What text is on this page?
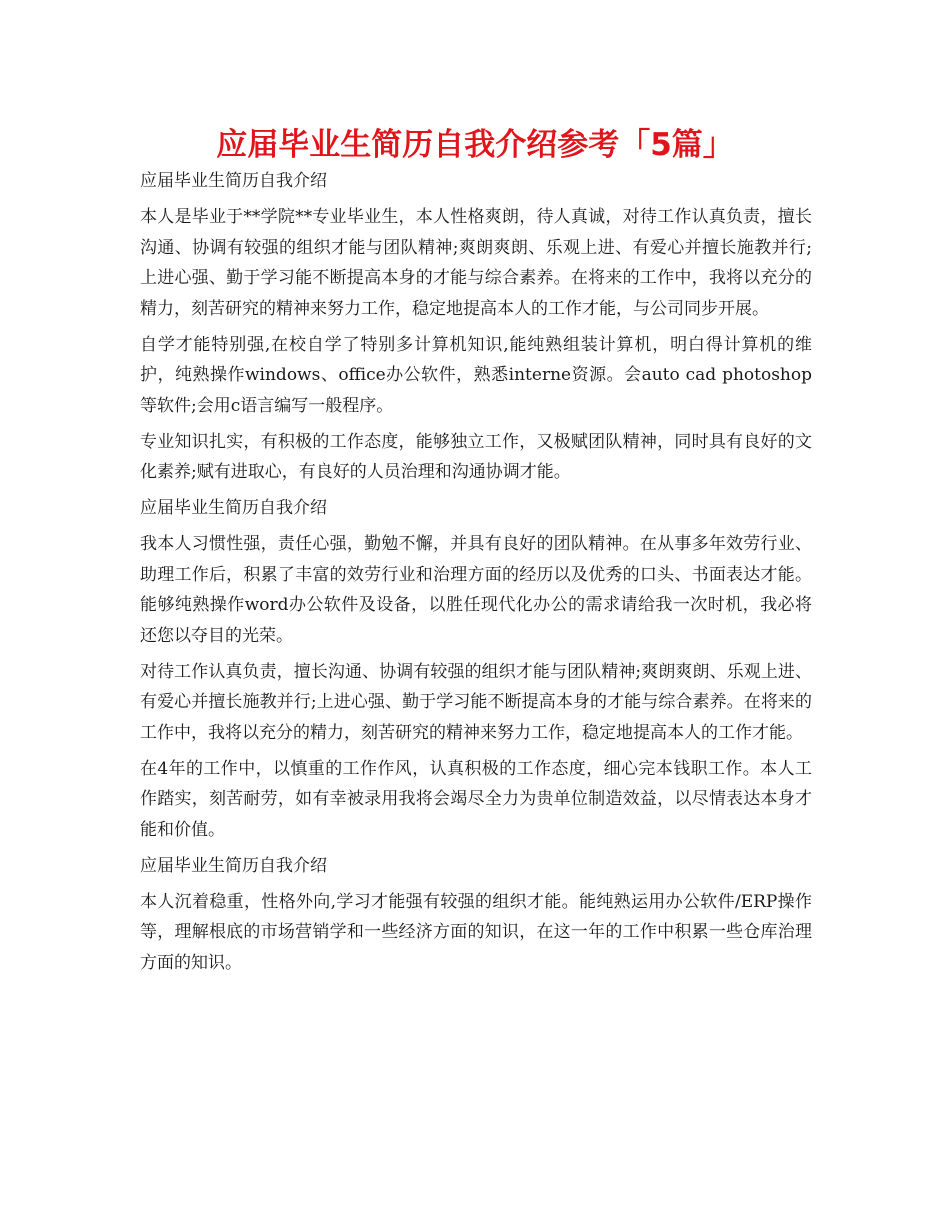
应届毕业生简历自我介绍参考「5篇」

应届毕业生简历自我介绍

本人是毕业于**学院**专业毕业生，本人性格爽朗，待人真诚，对待工作认真负责，擅长沟通、协调有较强的组织才能与团队精神;爽朗爽朗、乐观上进、有爱心并擅长施教并行;上进心强、勤于学习能不断提高本身的才能与综合素养。在将来的工作中，我将以充分的精力，刻苦研究的精神来努力工作，稳定地提高本人的工作才能，与公司同步开展。

自学才能特别强,在校自学了特别多计算机知识,能纯熟组装计算机，明白得计算机的维护，纯熟操作windows、office办公软件，熟悉interne资源。会auto cad photoshop等软件;会用c语言编写一般程序。

专业知识扎实，有积极的工作态度，能够独立工作，又极赋团队精神，同时具有良好的文化素养;赋有进取心，有良好的人员治理和沟通协调才能。

应届毕业生简历自我介绍

我本人习惯性强，责任心强，勤勉不懈，并具有良好的团队精神。在从事多年效劳行业、助理工作后，积累了丰富的效劳行业和治理方面的经历以及优秀的口头、书面表达才能。能够纯熟操作word办公软件及设备，以胜任现代化办公的需求请给我一次时机，我必将还您以夺目的光荣。

对待工作认真负责，擅长沟通、协调有较强的组织才能与团队精神;爽朗爽朗、乐观上进、有爱心并擅长施教并行;上进心强、勤于学习能不断提高本身的才能与综合素养。在将来的工作中，我将以充分的精力，刻苦研究的精神来努力工作，稳定地提高本人的工作才能。

在4年的工作中，以慎重的工作作风，认真积极的工作态度，细心完本钱职工作。本人工作踏实，刻苦耐劳，如有幸被录用我将会竭尽全力为贵单位制造效益，以尽情表达本身才能和价值。

应届毕业生简历自我介绍

本人沉着稳重，性格外向,学习才能强有较强的组织才能。能纯熟运用办公软件/ERP操作等，理解根底的市场营销学和一些经济方面的知识，在这一年的工作中积累一些仓库治理方面的知识。
